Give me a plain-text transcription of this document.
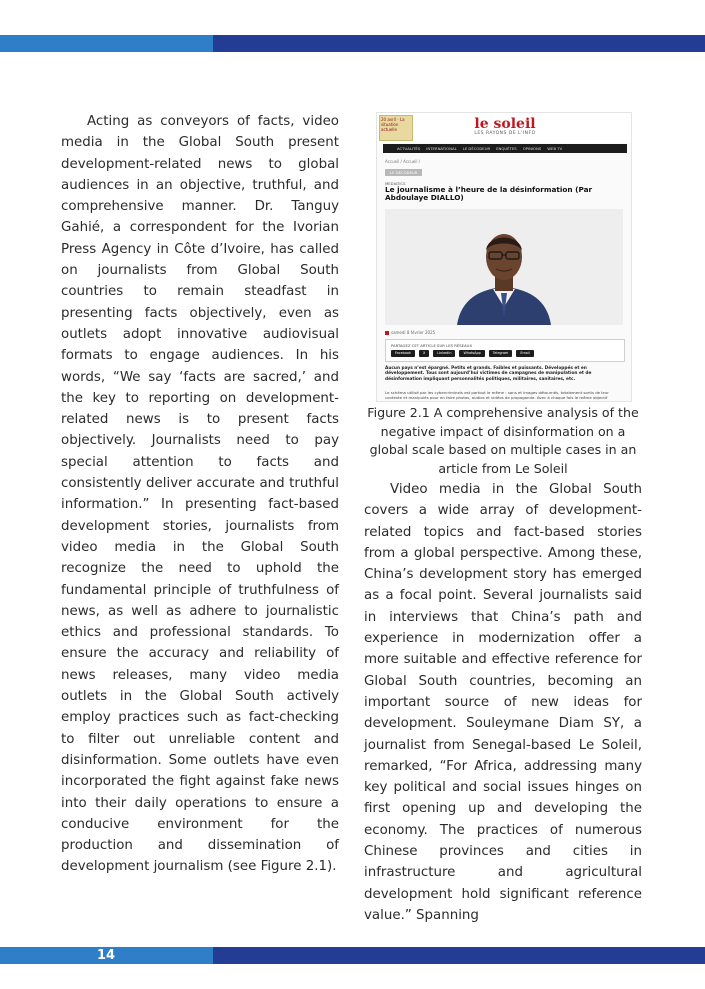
Acting as conveyors of facts, video media in the Global South present development-related news to global audiences in an objective, truthful, and comprehensive manner. Dr. Tanguy Gahié, a correspondent for the Ivorian Press Agency in Côte d’Ivoire, has called on journalists from Global South countries to remain steadfast in presenting facts objectively, even as outlets adopt innovative audiovisual formats to engage audiences. In his words, “We say ‘facts are sacred,’ and the key to reporting on development-related news is to present facts objectively. Journalists need to pay special attention to facts and consistently deliver accurate and truthful information.” In presenting fact-based development stories, journalists from video media in the Global South recognize the need to uphold the fundamental principle of truthfulness of news, as well as adhere to journalistic ethics and professional standards. To ensure the accuracy and reliability of news releases, many video media outlets in the Global South actively employ practices such as fact-checking to filter out unreliable content and disinformation. Some outlets have even incorporated the fight against fake news into their daily operations to ensure a conducive environment for the production and dissemination of development journalism (see Figure 2.1).

20 avril · La situation actuelle	le soleil
LES RAYONS DE L'INFO
ACTUALITÉS INTERNATIONAL LE DÉCODEUR ENQUÊTES OPINIONS WEB TV
Accueil / Accueil /
LE DÉCODEUR
MEDIATICS
Le journalisme à l’heure de la désinformation (Par Abdoulaye DIALLO)
samedi 8 février 2025
PARTAGEZ CET ARTICLE SUR LES RÉSEAUX
Facebook	X	LinkedIn	WhatsApp	Telegram	Email
Aucun pays n’est épargné. Petits et grands. Faibles et puissants. Développés et en développement. Tous sont aujourd’hui victimes de campagnes de manipulation et de désinformation impliquant personnalités politiques, militaires, sanitaires, etc.
Le schéma utilisé par les cybercriminels est partout le même : sons et images détournés, totalement sortis de leur contexte et manipulés pour en faire photos, audios et vidéos de propagande. Avec à chaque fois le même objectif
Figure 2.1 A comprehensive analysis of the negative impact of disinformation on a global scale based on multiple cases in an article from Le Soleil

Video media in the Global South covers a wide array of development-related topics and fact-based stories from a global perspective. Among these, China’s development story has emerged as a focal point. Several journalists said in interviews that China’s path and experience in modernization offer a more suitable and effective reference for Global South countries, becoming an important source of new ideas for development. Souleymane Diam SY, a journalist from Senegal-based Le Soleil, remarked, “For Africa, addressing many key political and social issues hinges on first opening up and developing the economy. The practices of numerous Chinese provinces and cities in infrastructure and agricultural development hold significant reference value.” Spanning

14
